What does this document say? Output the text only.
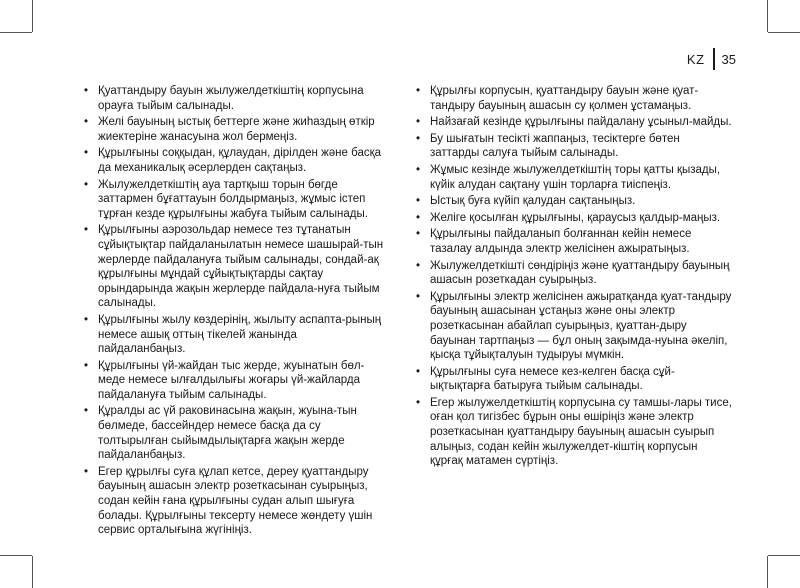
KZ 35
• Қуаттандыру бауын жылужелдеткіштің корпусына орауға тыйым салынады.
• Желі бауының ыстық беттерге және жиһаздың өткір жиектеріне жанасуына жол бермеңіз.
• Құрылғыны соққыдан, құлаудан, дірілден және басқа да механикалық әсерлерден сақтаңыз.
• Жылужелдеткіштің ауа тартқыш торын бөгде заттармен бұғаттауын болдырмаңыз, жұмыс істеп тұрған кезде құрылғыны жабуға тыйым салынады.
• Құрылғыны аэрозольдар немесе тез тұтанатын сұйықтықтар пайдаланылатын немесе шашырай-тын жерлерде пайдалануға тыйым салынады, сондай-ақ құрылғыны мұндай сұйықтықтарды сақтау орындарында жақын жерлерде пайдала-нуға тыйым салынады.
• Құрылғыны жылу көздерінің, жылыту аспапта-рының немесе ашық оттың тікелей жанында пайдаланбаңыз.
• Құрылғыны үй-жайдан тыс жерде, жуынатын бөл-меде немесе ылғалдылығы жоғары үй-жайларда пайдалануға тыйым салынады.
• Құралды ас үй раковинасына жақын, жуына-тын бөлмеде, бассейндер немесе басқа да су толтырылған сыйымдылықтарға жақын жерде пайдаланбаңыз.
• Егер құрылғы суға құлап кетсе, дереу қуаттандыру бауының ашасын электр розеткасынан суырыңыз, содан кейін ғана құрылғыны судан алып шығуға болады. Құрылғыны тексерту немесе жөндету үшін сервис орталығына жүгініңіз.
• Құрылғы корпусын, қуаттандыру бауын және қуат-тандыру бауының ашасын су қолмен ұстамаңыз.
• Найзағай кезінде құрылғыны пайдалану ұсыныл-майды.
• Бу шығатын тесікті жаппаңыз, тесіктерге бөтен заттарды салуға тыйым салынады.
• Жұмыс кезінде жылужелдеткіштің торы қатты қызады, күйік алудан сақтану үшін торларға тиіспеңіз.
• Ыстық буға күйіп қалудан сақтаныңыз.
• Желіге қосылған құрылғыны, қараусыз қалдыр-маңыз.
• Құрылғыны пайдаланып болғаннан кейін немесе тазалау алдында электр желісінен ажыратыңыз.
• Жылужелдеткішті сөндіріңіз және қуаттандыру бауының ашасын розеткадан суырыңыз.
• Құрылғыны электр желісінен ажыратқанда қуат-тандыру бауының ашасынан ұстаңыз және оны электр розеткасынан абайлап суырыңыз, қуаттан-дыру бауынан тартпаңыз — бұл оның зақымда-нуына әкеліп, қысқа тұйықталуын тудыруы мүмкін.
• Құрылғыны суға немесе кез-келген басқа сұй-ықтықтарға батыруға тыйым салынады.
• Егер жылужелдеткіштің корпусына су тамшы-лары тисе, оған қол тигізбес бұрын оны өшіріңіз және электр розеткасынан қуаттандыру бауының ашасын суырып алыңыз, содан кейін жылужелдет-кіштің корпусын құрғақ матамен сүртіңіз.
